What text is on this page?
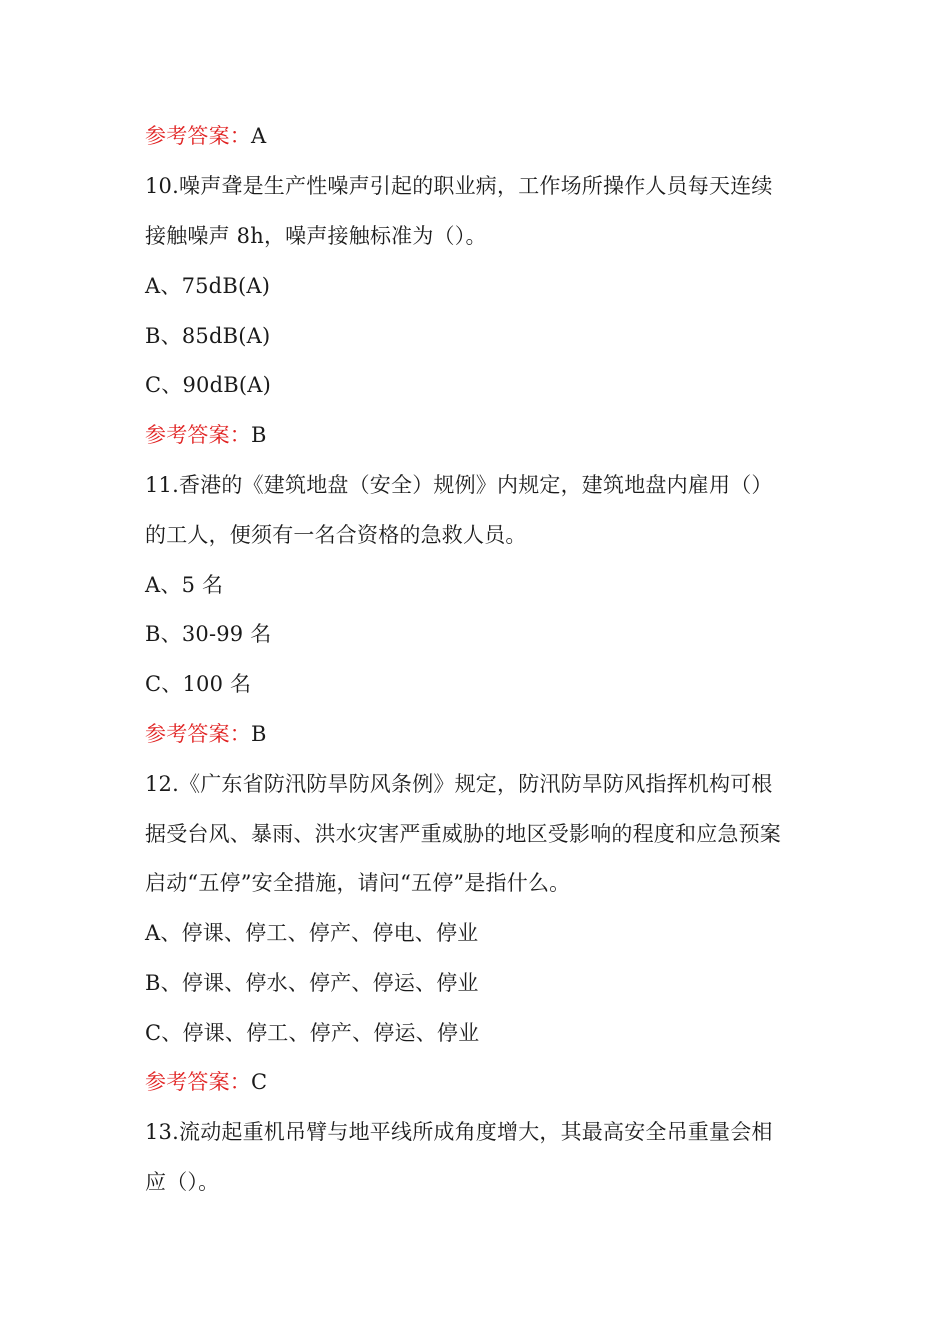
参考答案：A
10.噪声聋是生产性噪声引起的职业病，工作场所操作人员每天连续
接触噪声 8h，噪声接触标准为（）。
A、75dB(A)
B、85dB(A)
C、90dB(A)
参考答案：B
11.香港的《建筑地盘（安全）规例》内规定，建筑地盘内雇用（）
的工人，便须有一名合资格的急救人员。
A、5 名
B、30-99 名
C、100 名
参考答案：B
12.《广东省防汛防旱防风条例》规定，防汛防旱防风指挥机构可根
据受台风、暴雨、洪水灾害严重威胁的地区受影响的程度和应急预案
启动“五停”安全措施，请问“五停”是指什么。
A、停课、停工、停产、停电、停业
B、停课、停水、停产、停运、停业
C、停课、停工、停产、停运、停业
参考答案：C
13.流动起重机吊臂与地平线所成角度增大，其最高安全吊重量会相
应（）。
